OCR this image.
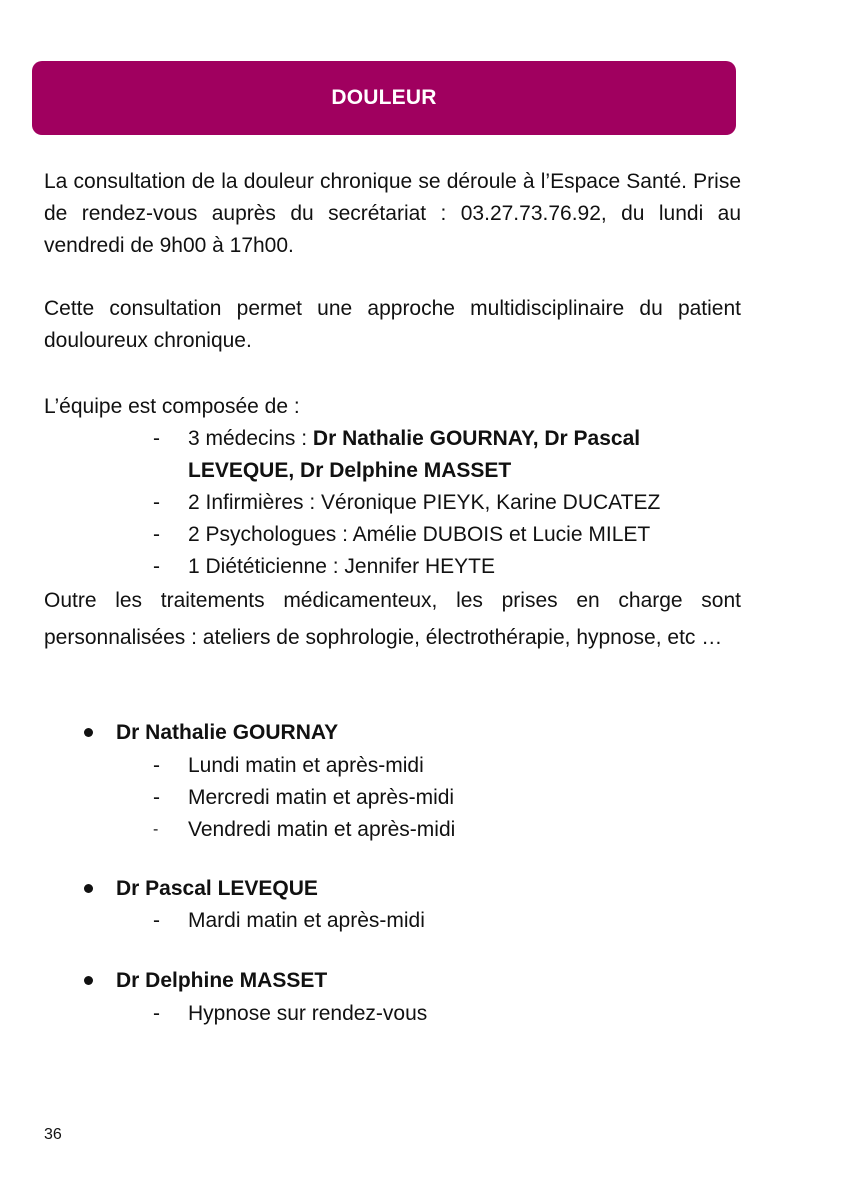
DOULEUR

La consultation de la douleur chronique se déroule à l’Espace Santé. Prise de rendez-vous auprès du secrétariat : 03.27.73.76.92, du lundi au vendredi de 9h00 à 17h00.

Cette consultation permet une approche multidisciplinaire du patient douloureux chronique.

L’équipe est composée de :

- 3 médecins : Dr Nathalie GOURNAY, Dr Pascal
LEVEQUE, Dr Delphine MASSET
- 2 Infirmières : Véronique PIEYK, Karine DUCATEZ
- 2 Psychologues : Amélie DUBOIS et Lucie MILET
- 1 Diététicienne : Jennifer HEYTE

Outre les traitements médicamenteux, les prises en charge sont personnalisées : ateliers de sophrologie, électrothérapie, hypnose, etc …

Dr Nathalie GOURNAY
- Lundi matin et après-midi
- Mercredi matin et après-midi
- Vendredi matin et après-midi
Dr Pascal LEVEQUE
- Mardi matin et après-midi
Dr Delphine MASSET
- Hypnose sur rendez-vous
36
